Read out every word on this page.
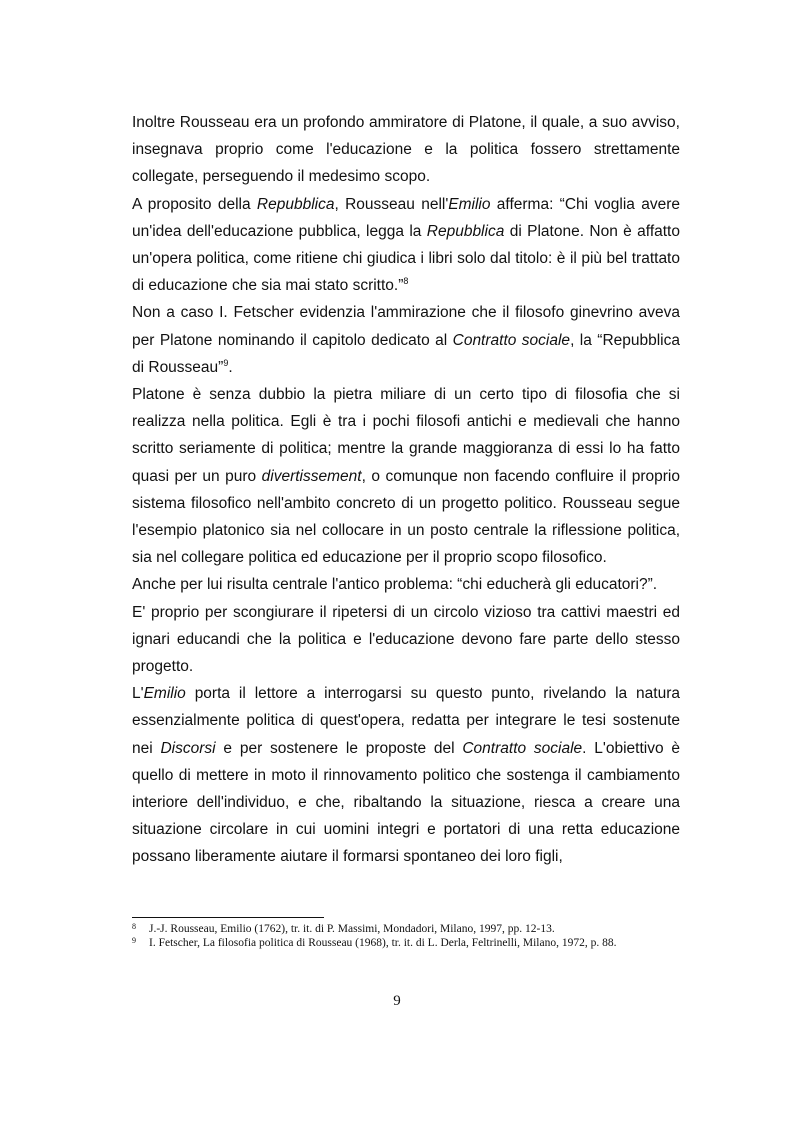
Inoltre Rousseau era un profondo ammiratore di Platone, il quale, a suo avviso, insegnava proprio come l'educazione e la politica fossero strettamente collegate, perseguendo il medesimo scopo.

A proposito della Repubblica, Rousseau nell'Emilio afferma: “Chi voglia avere un'idea dell'educazione pubblica, legga la Repubblica di Platone. Non è affatto un'opera politica, come ritiene chi giudica i libri solo dal titolo: è il più bel trattato di educazione che sia mai stato scritto.”$^8$

Non a caso I. Fetscher evidenzia l'ammirazione che il filosofo ginevrino aveva per Platone nominando il capitolo dedicato al Contratto sociale, la “Repubblica di Rousseau”$^9$.

Platone è senza dubbio la pietra miliare di un certo tipo di filosofia che si realizza nella politica. Egli è tra i pochi filosofi antichi e medievali che hanno scritto seriamente di politica; mentre la grande maggioranza di essi lo ha fatto quasi per un puro divertissement, o comunque non facendo confluire il proprio sistema filosofico nell'ambito concreto di un progetto politico. Rousseau segue l'esempio platonico sia nel collocare in un posto centrale la riflessione politica, sia nel collegare politica ed educazione per il proprio scopo filosofico.

Anche per lui risulta centrale l'antico problema: “chi educherà gli educatori?”.

E' proprio per scongiurare il ripetersi di un circolo vizioso tra cattivi maestri ed ignari educandi che la politica e l'educazione devono fare parte dello stesso progetto.

L'Emilio porta il lettore a interrogarsi su questo punto, rivelando la natura essenzialmente politica di quest'opera, redatta per integrare le tesi sostenute nei Discorsi e per sostenere le proposte del Contratto sociale. L'obiettivo è quello di mettere in moto il rinnovamento politico che sostenga il cambiamento interiore dell'individuo, e che, ribaltando la situazione, riesca a creare una situazione circolare in cui uomini integri e portatori di una retta educazione possano liberamente aiutare il formarsi spontaneo dei loro figli,

8	J.-J. Rousseau, Emilio (1762), tr. it. di P. Massimi, Mondadori, Milano, 1997, pp. 12-13.
9	I. Fetscher, La filosofia politica di Rousseau (1968), tr. it. di L. Derla, Feltrinelli, Milano, 1972, p. 88.
9
